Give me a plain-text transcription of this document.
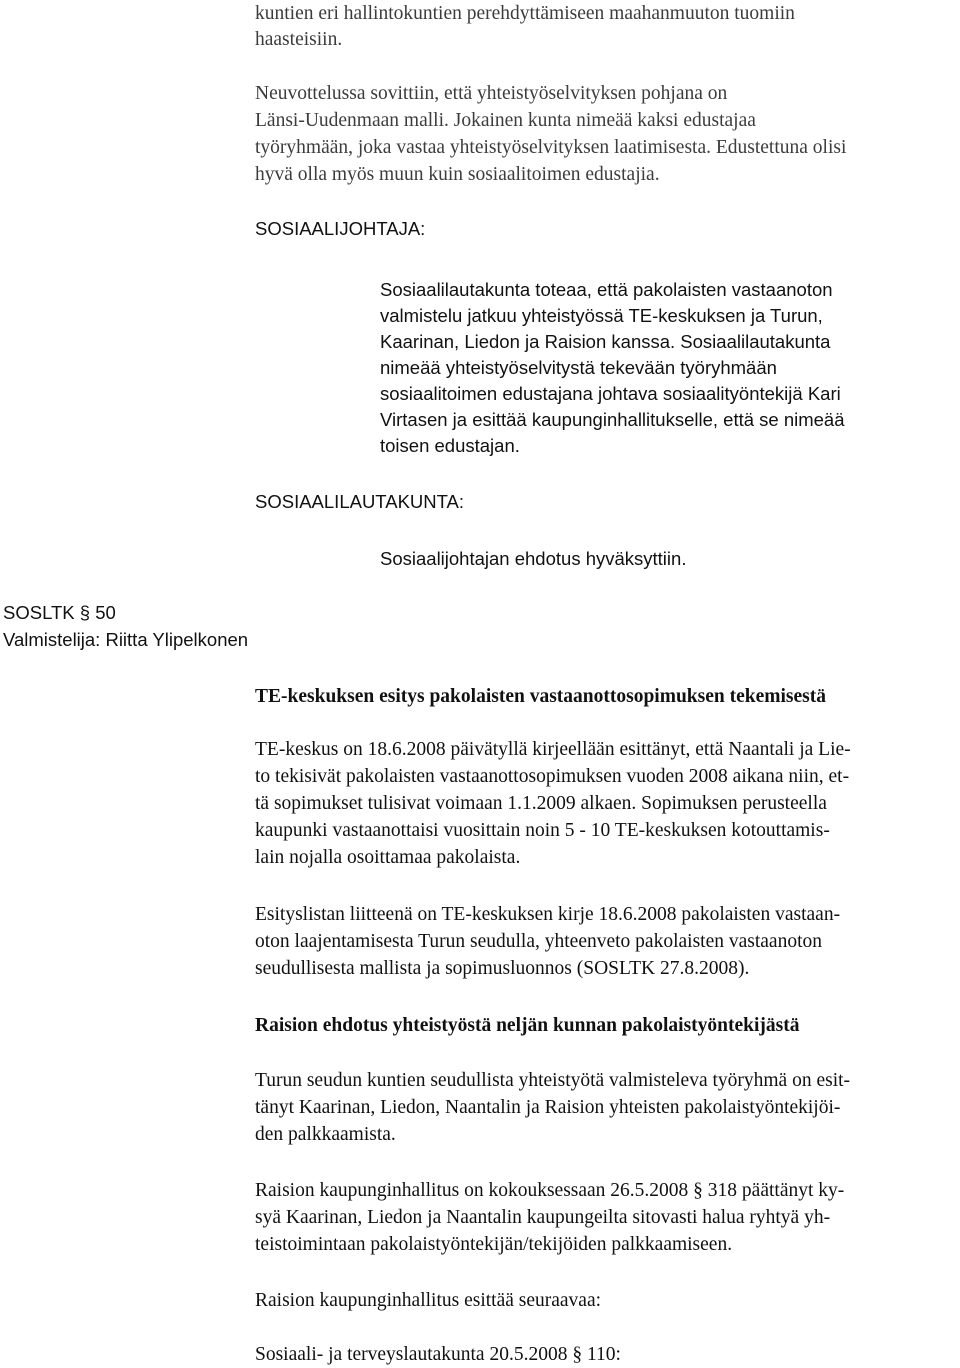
kuntien eri hallintokuntien perehdyttämiseen maahanmuuton tuomiin

haasteisiin.

Neuvottelussa sovittiin, että yhteistyöselvityksen pohjana on

Länsi-Uudenmaan malli. Jokainen kunta nimeää kaksi edustajaa

työryhmään, joka vastaa yhteistyöselvityksen laatimisesta. Edustettuna olisi

hyvä olla myös muun kuin sosiaalitoimen edustajia.

SOSIAALIJOHTAJA:

Sosiaalilautakunta toteaa, että pakolaisten vastaanoton

valmistelu jatkuu yhteistyössä TE-keskuksen ja Turun,

Kaarinan, Liedon ja Raision kanssa. Sosiaalilautakunta

nimeää yhteistyöselvitystä tekevään työryhmään

sosiaalitoimen edustajana johtava sosiaalityöntekijä Kari

Virtasen ja esittää kaupunginhallitukselle, että se nimeää

toisen edustajan.

SOSIAALILAUTAKUNTA:

Sosiaalijohtajan ehdotus hyväksyttiin.

SOSLTK § 50

Valmistelija: Riitta Ylipelkonen

TE-keskuksen esitys pakolaisten vastaanottosopimuksen tekemisestä

TE-keskus on 18.6.2008 päivätyllä kirjeellään esittänyt, että Naantali ja Lie-

to tekisivät pakolaisten vastaanottosopimuksen vuoden 2008 aikana niin, et-

tä sopimukset tulisivat voimaan 1.1.2009 alkaen. Sopimuksen perusteella

kaupunki vastaanottaisi vuosittain noin 5 - 10 TE-keskuksen kotouttamis-

lain nojalla osoittamaa pakolaista.

Esityslistan liitteenä on TE-keskuksen kirje 18.6.2008 pakolaisten vastaan-

oton laajentamisesta Turun seudulla, yhteenveto pakolaisten vastaanoton

seudullisesta mallista ja sopimusluonnos (SOSLTK 27.8.2008).

Raision ehdotus yhteistyöstä neljän kunnan pakolaistyöntekijästä

Turun seudun kuntien seudullista yhteistyötä valmisteleva työryhmä on esit-

tänyt Kaarinan, Liedon, Naantalin ja Raision yhteisten pakolaistyöntekijöi-

den palkkaamista.

Raision kaupunginhallitus on kokouksessaan 26.5.2008 § 318 päättänyt ky-

syä Kaarinan, Liedon ja Naantalin kaupungeilta sitovasti halua ryhtyä yh-

teistoimintaan pakolaistyöntekijän/tekijöiden palkkaamiseen.

Raision kaupunginhallitus esittää seuraavaa:

Sosiaali- ja terveyslautakunta 20.5.2008 § 110:
